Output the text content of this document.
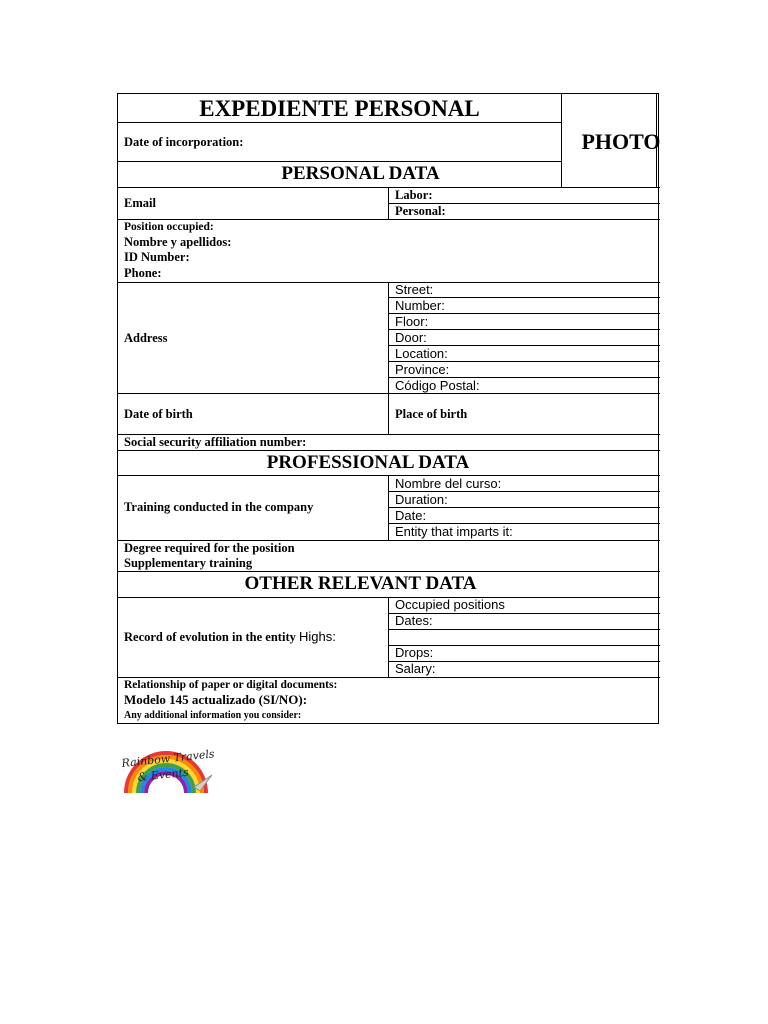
EXPEDIENTE PERSONAL
PHOTO
Date of incorporation:
PERSONAL DATA
Email
Labor:
Personal:
Position occupied:
Nombre y apellidos:
ID Number:
Phone:
Address
Street:
Number:
Floor:
Door:
Location:
Province:
Código Postal:
Date of birth	Place of birth
Social security affiliation number:
PROFESSIONAL DATA
Training conducted in the company
Nombre del curso:
Duration:
Date:
Entity that imparts it:
Degree required for the position
Supplementary training
OTHER RELEVANT DATA
Record of evolution in the entity Highs:
Occupied positions
Dates:
Drops:
Salary:
Relationship of paper or digital documents:
Modelo 145 actualizado (SI/NO):
Any additional information you consider:
Rainbow Travels
& Events
